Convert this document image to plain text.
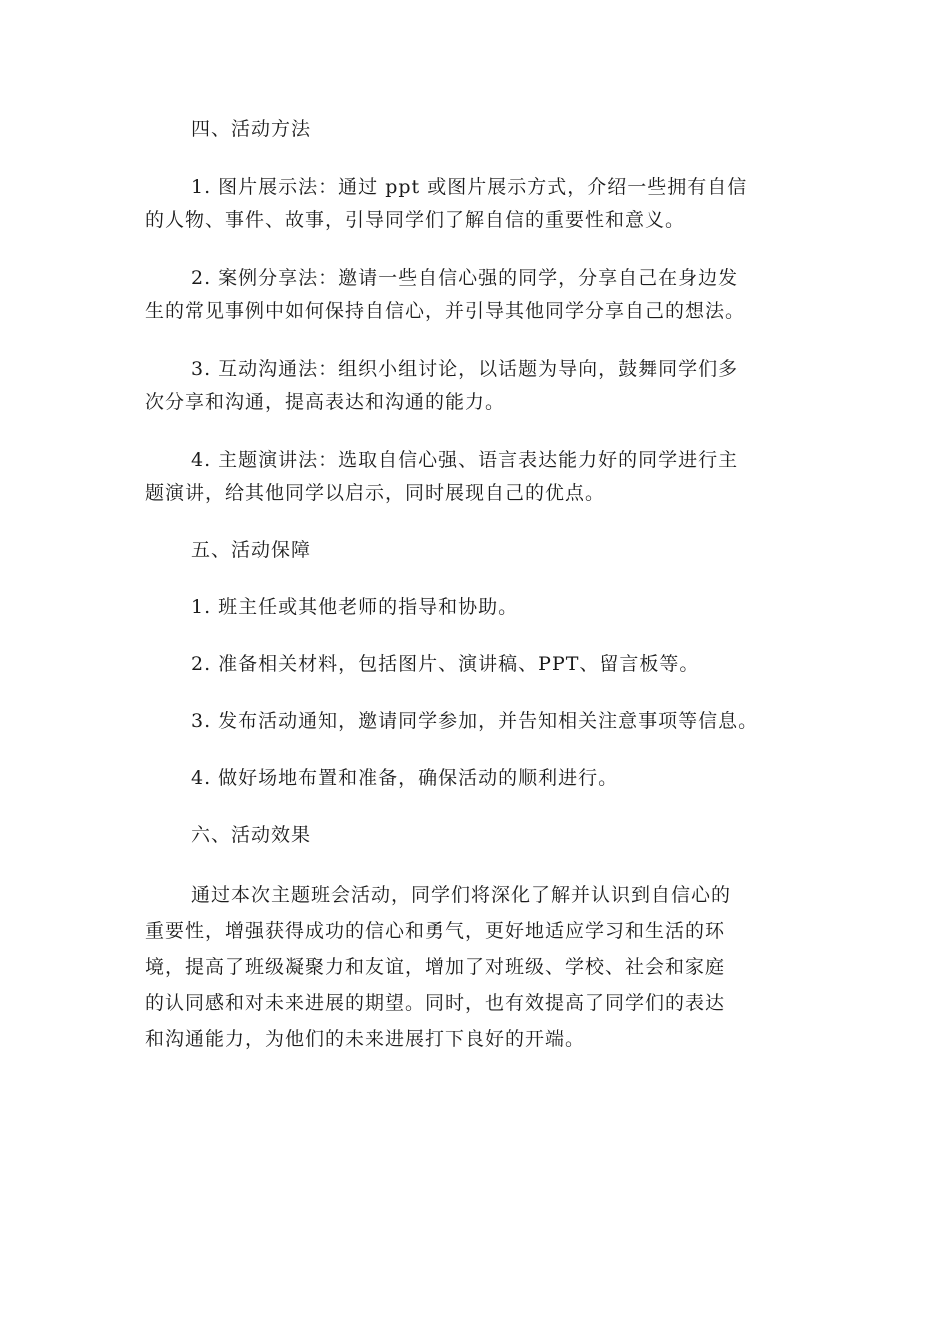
四、活动方法
1. 图片展示法：通过 ppt 或图片展示方式，介绍一些拥有自信
的人物、事件、故事，引导同学们了解自信的重要性和意义。
2. 案例分享法：邀请一些自信心强的同学，分享自己在身边发
生的常见事例中如何保持自信心，并引导其他同学分享自己的想法。
3. 互动沟通法：组织小组讨论，以话题为导向，鼓舞同学们多
次分享和沟通，提高表达和沟通的能力。
4. 主题演讲法：选取自信心强、语言表达能力好的同学进行主
题演讲，给其他同学以启示，同时展现自己的优点。
五、活动保障
1. 班主任或其他老师的指导和协助。
2. 准备相关材料，包括图片、演讲稿、PPT、留言板等。
3. 发布活动通知，邀请同学参加，并告知相关注意事项等信息。
4. 做好场地布置和准备，确保活动的顺利进行。
六、活动效果
通过本次主题班会活动，同学们将深化了解并认识到自信心的
重要性，增强获得成功的信心和勇气，更好地适应学习和生活的环
境，提高了班级凝聚力和友谊，增加了对班级、学校、社会和家庭
的认同感和对未来进展的期望。同时，也有效提高了同学们的表达
和沟通能力，为他们的未来进展打下良好的开端。
